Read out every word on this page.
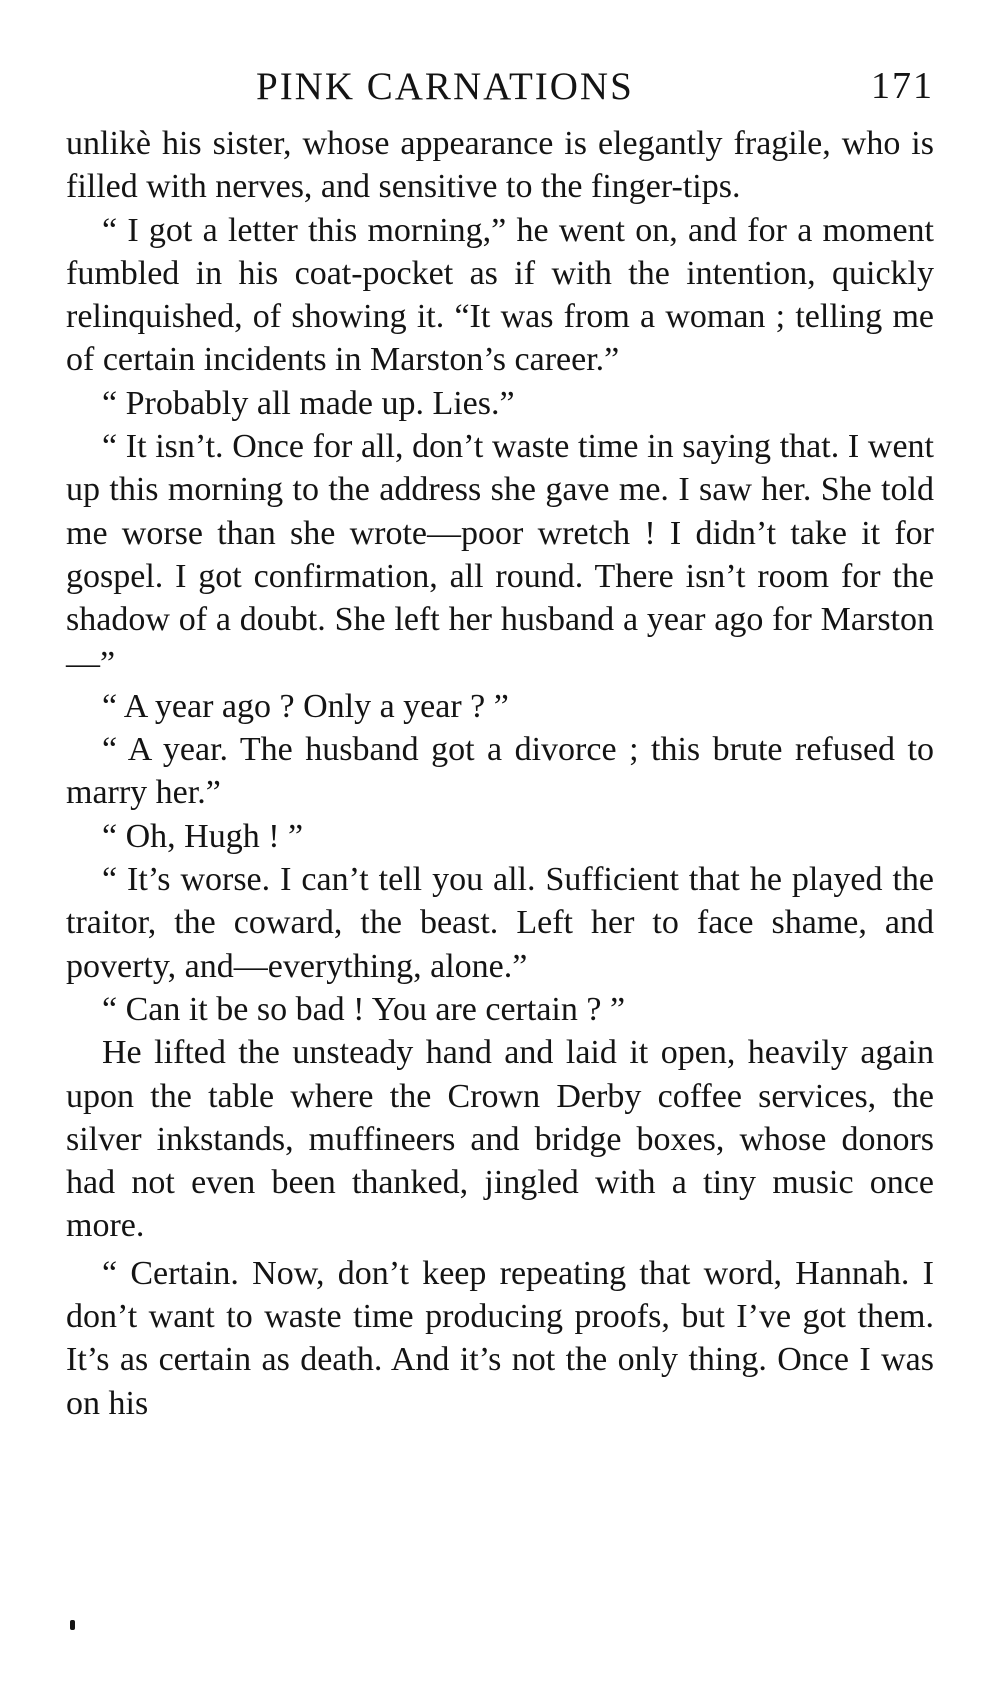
PINK CARNATIONS	171

unlikè his sister, whose appearance is elegantly fragile, who is filled with nerves, and sensitive to the finger-tips.

“ I got a letter this morning,” he went on, and for a moment fumbled in his coat-pocket as if with the intention, quickly relinquished, of showing it. “It was from a woman ; telling me of certain incidents in Marston’s career.”

“ Probably all made up. Lies.”

“ It isn’t. Once for all, don’t waste time in saying that. I went up this morning to the address she gave me. I saw her. She told me worse than she wrote—poor wretch ! I didn’t take it for gospel. I got confirmation, all round. There isn’t room for the shadow of a doubt. She left her husband a year ago for Marston—”

“ A year ago ? Only a year ? ”

“ A year. The husband got a divorce ; this brute refused to marry her.”

“ Oh, Hugh ! ”

“ It’s worse. I can’t tell you all. Sufficient that he played the traitor, the coward, the beast. Left her to face shame, and poverty, and—everything, alone.”

“ Can it be so bad ! You are certain ? ”

He lifted the unsteady hand and laid it open, heavily again upon the table where the Crown Derby coffee services, the silver inkstands, muffineers and bridge boxes, whose donors had not even been thanked, jingled with a tiny music once more.

“ Certain. Now, don’t keep repeating that word, Hannah. I don’t want to waste time producing proofs, but I’ve got them. It’s as certain as death. And it’s not the only thing. Once I was on his
